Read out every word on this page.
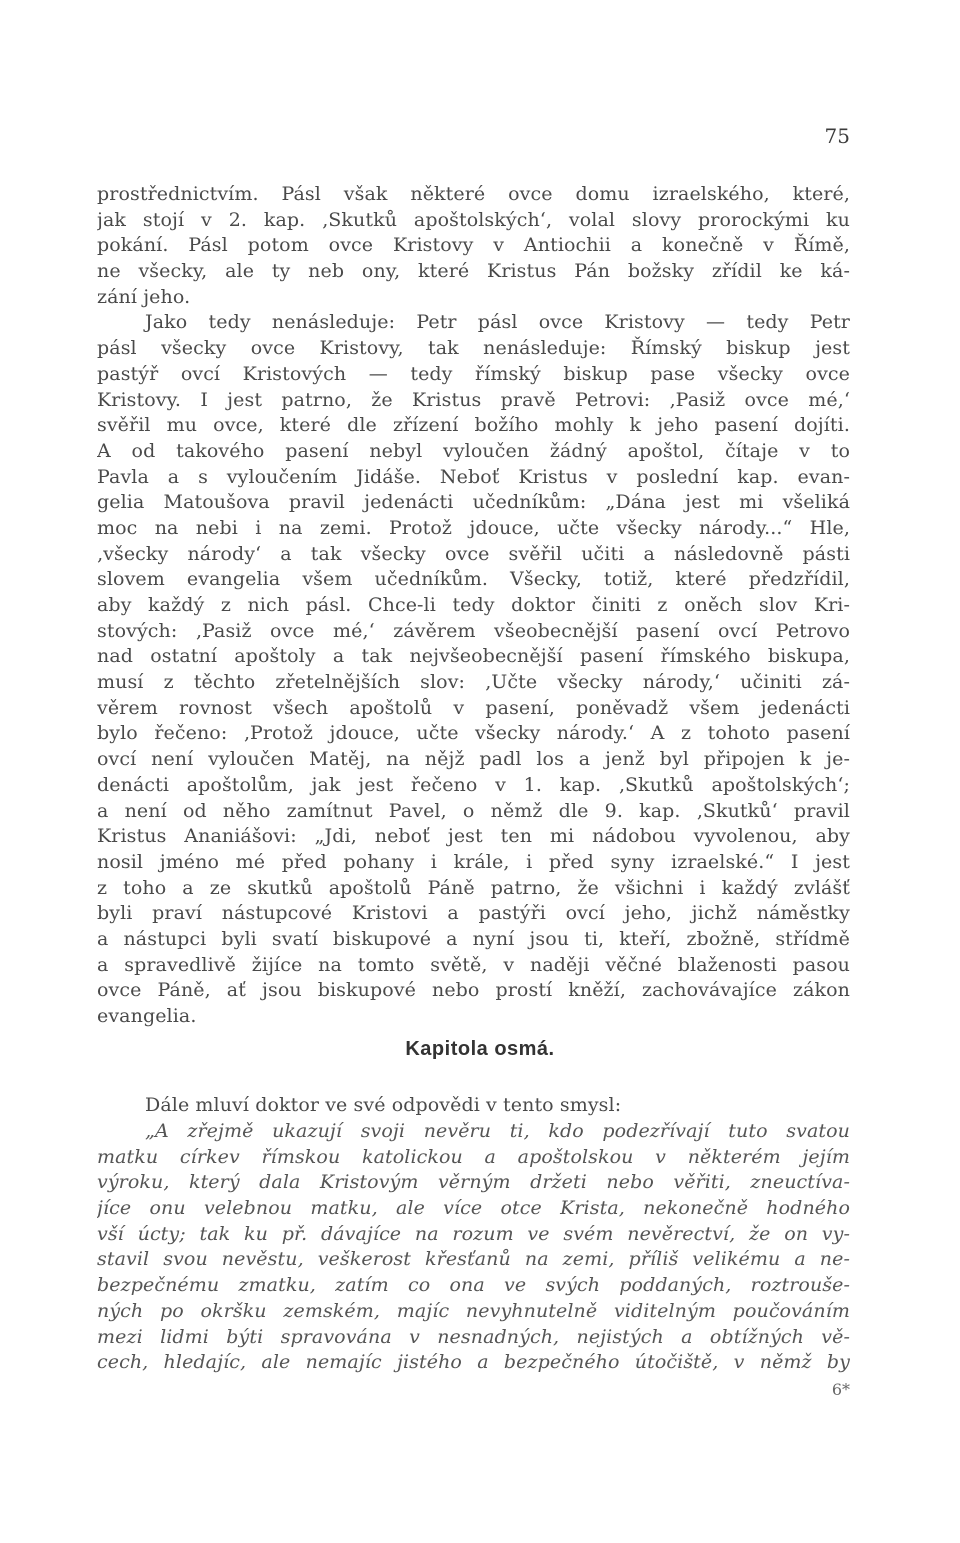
75
prostřednictvím. Pásl však některé ovce domu izraelského, které,
jak stojí v 2. kap. ‚Skutků apoštolských‘, volal slovy prorockými ku
pokání. Pásl potom ovce Kristovy v Antiochii a konečně v Římě,
ne všecky, ale ty neb ony, které Kristus Pán božsky zřídil ke ká-
zání jeho.
Jako tedy nenásleduje: Petr pásl ovce Kristovy — tedy Petr
pásl všecky ovce Kristovy, tak nenásleduje: Římský biskup jest
pastýř ovcí Kristových — tedy římský biskup pase všecky ovce
Kristovy. I jest patrno, že Kristus pravě Petrovi: ‚Pasiž ovce mé,‘
svěřil mu ovce, které dle zřízení božího mohly k jeho pasení dojíti.
A od takového pasení nebyl vyloučen žádný apoštol, čítaje v to
Pavla a s vyloučením Jidáše. Neboť Kristus v poslední kap. evan-
gelia Matoušova pravil jedenácti učedníkům: „Dána jest mi všeliká
moc na nebi i na zemi. Protož jdouce, učte všecky národy...“ Hle,
‚všecky národy‘ a tak všecky ovce svěřil učiti a následovně pásti
slovem evangelia všem učedníkům. Všecky, totiž, které předzřídil,
aby každý z nich pásl. Chce-li tedy doktor činiti z oněch slov Kri-
stových: ‚Pasiž ovce mé,‘ závěrem všeobecnější pasení ovcí Petrovo
nad ostatní apoštoly a tak nejvšeobecnější pasení římského biskupa,
musí z těchto zřetelnějších slov: ‚Učte všecky národy,‘ učiniti zá-
věrem rovnost všech apoštolů v pasení, poněvadž všem jedenácti
bylo řečeno: ‚Protož jdouce, učte všecky národy.‘ A z tohoto pasení
ovcí není vyloučen Matěj, na nějž padl los a jenž byl připojen k je-
denácti apoštolům, jak jest řečeno v 1. kap. ‚Skutků apoštolských‘;
a není od něho zamítnut Pavel, o němž dle 9. kap. ‚Skutků‘ pravil
Kristus Ananiášovi: „Jdi, neboť jest ten mi nádobou vyvolenou, aby
nosil jméno mé před pohany i krále, i před syny izraelské.“ I jest
z toho a ze skutků apoštolů Páně patrno, že všichni i každý zvlášť
byli praví nástupcové Kristovi a pastýři ovcí jeho, jichž náměstky
a nástupci byli svatí biskupové a nyní jsou ti, kteří, zbožně, střídmě
a spravedlivě žijíce na tomto světě, v naději věčné blaženosti pasou
ovce Páně, ať jsou biskupové nebo prostí kněží, zachovávajíce zákon
evangelia.
Kapitola osmá.
Dále mluví doktor ve své odpovědi v tento smysl:
„A zřejmě ukazují svoji nevěru ti, kdo podezřívají tuto svatou
matku církev římskou katolickou a apoštolskou v některém jejím
výroku, který dala Kristovým věrným držeti nebo věřiti, zneuctíva-
jíce onu velebnou matku, ale více otce Krista, nekonečně hodného
vší úcty; tak ku př. dávajíce na rozum ve svém nevěrectví, že on vy-
stavil svou nevěstu, veškerost křesťanů na zemi, příliš velikému a ne-
bezpečnému zmatku, zatím co ona ve svých poddaných, roztroušе-
ných po okršku zemském, majíc nevyhnutelně viditelným poučováním
mezi lidmi býti spravována v nesnadných, nejistých a obtížných vě-
cech, hledajíc, ale nemajíc jistého a bezpečného útočiště, v němž by
6*
